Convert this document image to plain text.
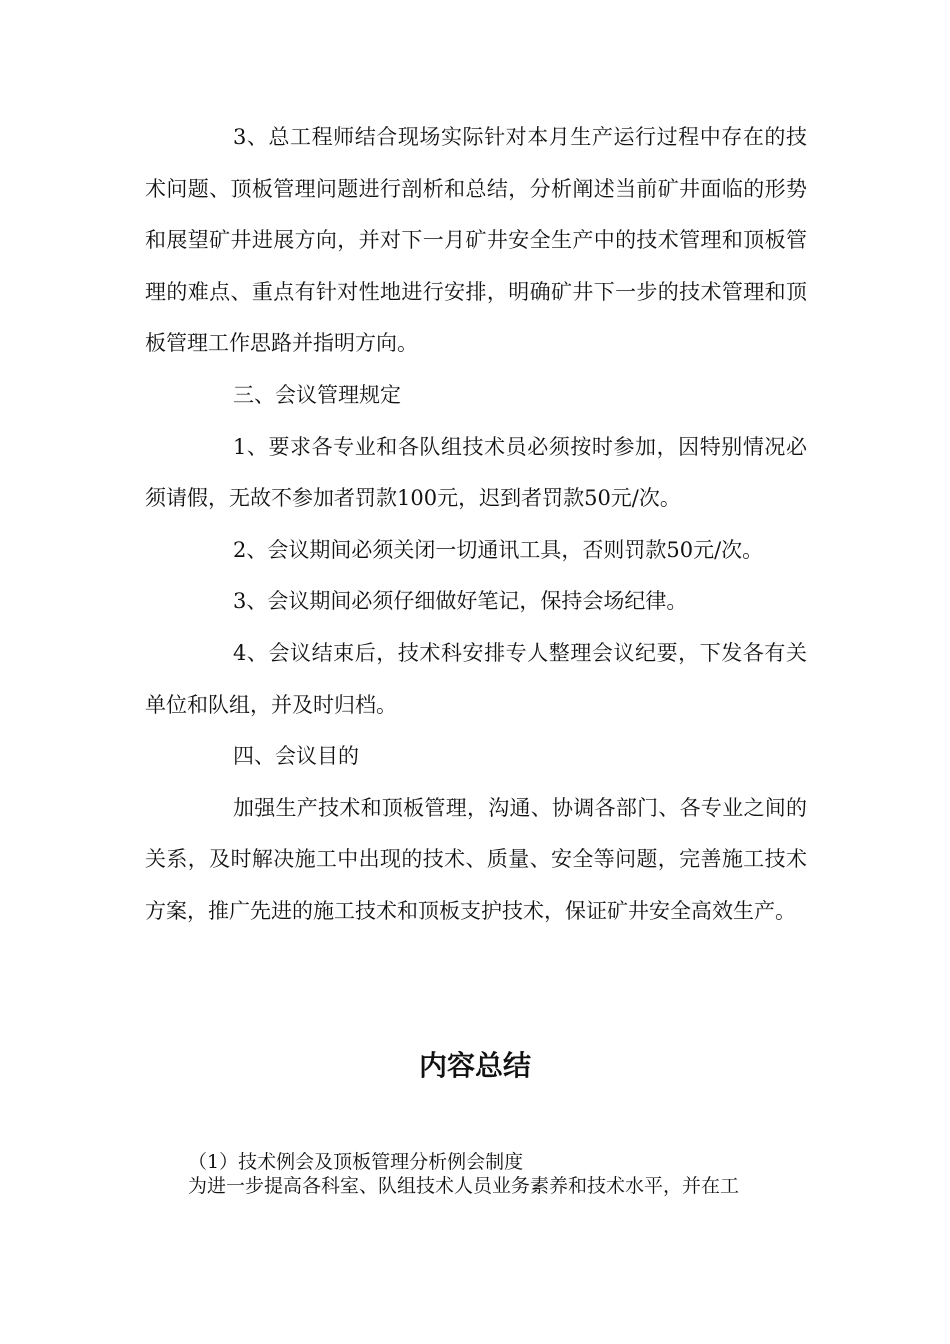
3、总工程师结合现场实际针对本月生产运行过程中存在的技术问题、顶板管理问题进行剖析和总结，分析阐述当前矿井面临的形势和展望矿井进展方向，并对下一月矿井安全生产中的技术管理和顶板管理的难点、重点有针对性地进行安排，明确矿井下一步的技术管理和顶板管理工作思路并指明方向。

三、会议管理规定

1、要求各专业和各队组技术员必须按时参加，因特别情况必须请假，无故不参加者罚款100元，迟到者罚款50元/次。

2、会议期间必须关闭一切通讯工具，否则罚款50元/次。

3、会议期间必须仔细做好笔记，保持会场纪律。

4、会议结束后，技术科安排专人整理会议纪要，下发各有关单位和队组，并及时归档。

四、会议目的

加强生产技术和顶板管理，沟通、协调各部门、各专业之间的关系，及时解决施工中出现的技术、质量、安全等问题，完善施工技术方案，推广先进的施工技术和顶板支护技术，保证矿井安全高效生产。

内容总结

（1）技术例会及顶板管理分析例会制度

为进一步提高各科室、队组技术人员业务素养和技术水平，并在工
